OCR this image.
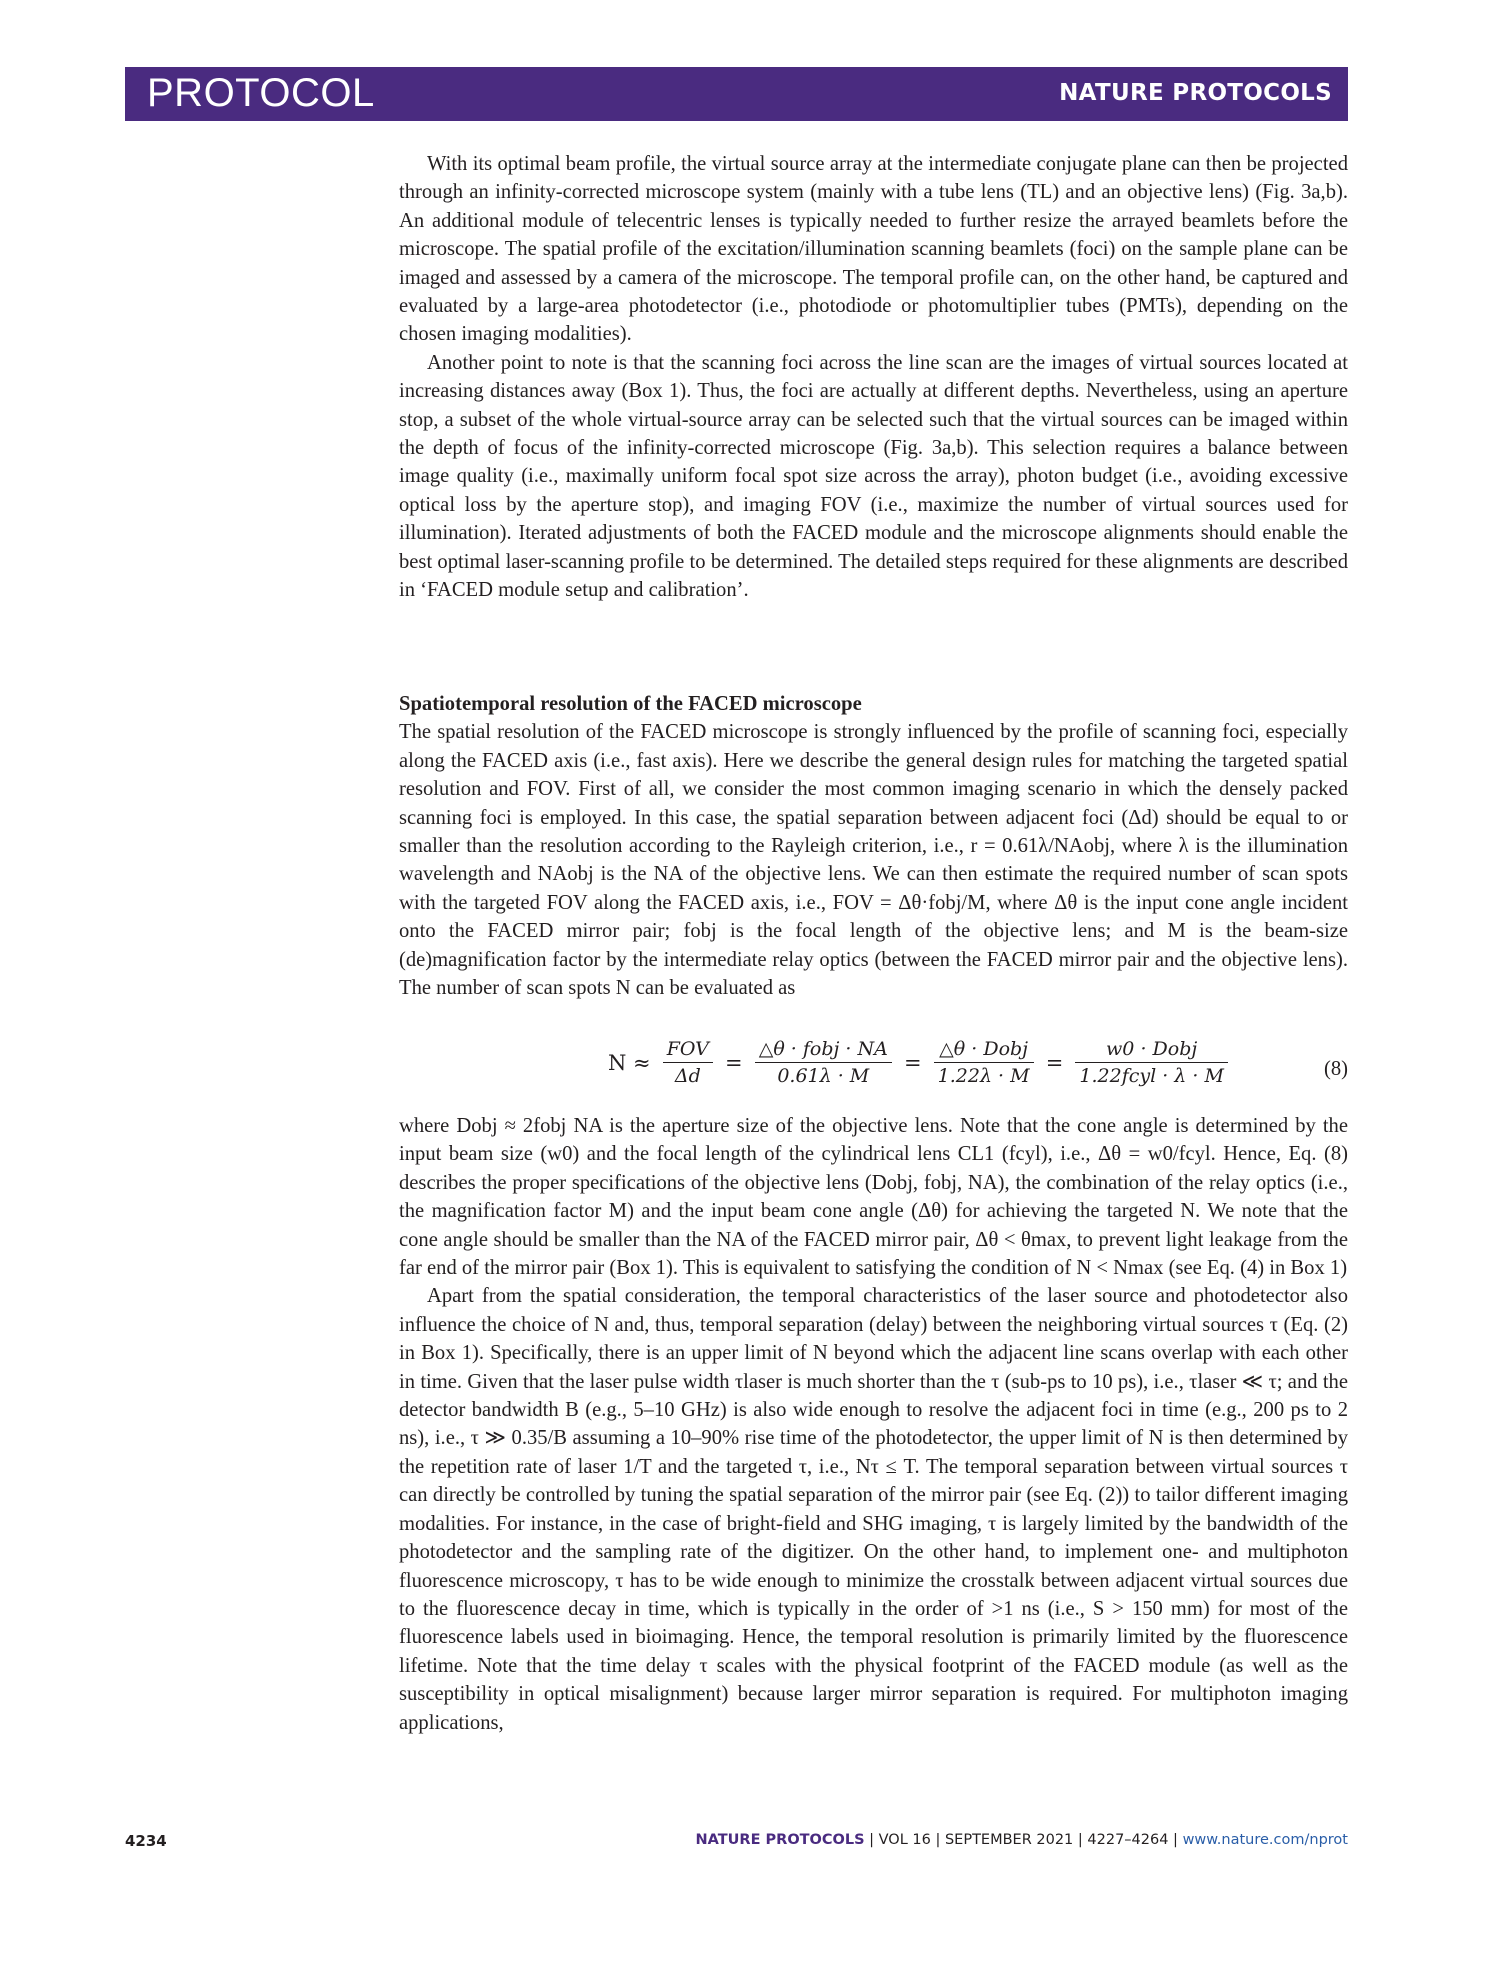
PROTOCOL	NATURE PROTOCOLS

With its optimal beam profile, the virtual source array at the intermediate conjugate plane can then be projected through an infinity-corrected microscope system (mainly with a tube lens (TL) and an objective lens) (Fig. 3a,b). An additional module of telecentric lenses is typically needed to further resize the arrayed beamlets before the microscope. The spatial profile of the excitation/illumination scanning beamlets (foci) on the sample plane can be imaged and assessed by a camera of the microscope. The temporal profile can, on the other hand, be captured and evaluated by a large-area photodetector (i.e., photodiode or photomultiplier tubes (PMTs), depending on the chosen imaging modalities).

Another point to note is that the scanning foci across the line scan are the images of virtual sources located at increasing distances away (Box 1). Thus, the foci are actually at different depths. Nevertheless, using an aperture stop, a subset of the whole virtual-source array can be selected such that the virtual sources can be imaged within the depth of focus of the infinity-corrected microscope (Fig. 3a,b). This selection requires a balance between image quality (i.e., maximally uniform focal spot size across the array), photon budget (i.e., avoiding excessive optical loss by the aperture stop), and imaging FOV (i.e., maximize the number of virtual sources used for illumination). Iterated adjustments of both the FACED module and the microscope alignments should enable the best optimal laser-scanning profile to be determined. The detailed steps required for these alignments are described in ‘FACED module setup and calibration’.

Spatiotemporal resolution of the FACED microscope

The spatial resolution of the FACED microscope is strongly influenced by the profile of scanning foci, especially along the FACED axis (i.e., fast axis). Here we describe the general design rules for matching the targeted spatial resolution and FOV. First of all, we consider the most common imaging scenario in which the densely packed scanning foci is employed. In this case, the spatial separation between adjacent foci (Δd) should be equal to or smaller than the resolution according to the Rayleigh criterion, i.e., r = 0.61λ/NAobj, where λ is the illumination wavelength and NAobj is the NA of the objective lens. We can then estimate the required number of scan spots with the targeted FOV along the FACED axis, i.e., FOV = Δθ·fobj/M, where Δθ is the input cone angle incident onto the FACED mirror pair; fobj is the focal length of the objective lens; and M is the beam-size (de)magnification factor by the intermediate relay optics (between the FACED mirror pair and the objective lens). The number of scan spots N can be evaluated as

$N \approx \frac{\text{FOV}}{\Delta d} = \frac{\text{△θ · fobj · NA}}{0.61\lambda \cdot M} = \frac{\text{△θ · Dobj}}{1.22\lambda \cdot M} = \frac{\text{w0 · Dobj}}{\text{1.22fcyl · λ · M}}$	(8)

where Dobj ≈ 2fobj NA is the aperture size of the objective lens. Note that the cone angle is determined by the input beam size (w0) and the focal length of the cylindrical lens CL1 (fcyl), i.e., Δθ = w0/fcyl. Hence, Eq. (8) describes the proper specifications of the objective lens (Dobj, fobj, NA), the combination of the relay optics (i.e., the magnification factor M) and the input beam cone angle (Δθ) for achieving the targeted N. We note that the cone angle should be smaller than the NA of the FACED mirror pair, Δθ < θmax, to prevent light leakage from the far end of the mirror pair (Box 1). This is equivalent to satisfying the condition of N < Nmax (see Eq. (4) in Box 1)

Apart from the spatial consideration, the temporal characteristics of the laser source and photodetector also influence the choice of N and, thus, temporal separation (delay) between the neighboring virtual sources τ (Eq. (2) in Box 1). Specifically, there is an upper limit of N beyond which the adjacent line scans overlap with each other in time. Given that the laser pulse width τlaser is much shorter than the τ (sub-ps to 10 ps), i.e., τlaser ≪ τ; and the detector bandwidth B (e.g., 5–10 GHz) is also wide enough to resolve the adjacent foci in time (e.g., 200 ps to 2 ns), i.e., τ ≫ 0.35/B assuming a 10–90% rise time of the photodetector, the upper limit of N is then determined by the repetition rate of laser 1/T and the targeted τ, i.e., Nτ ≤ T. The temporal separation between virtual sources τ can directly be controlled by tuning the spatial separation of the mirror pair (see Eq. (2)) to tailor different imaging modalities. For instance, in the case of bright-field and SHG imaging, τ is largely limited by the bandwidth of the photodetector and the sampling rate of the digitizer. On the other hand, to implement one- and multiphoton fluorescence microscopy, τ has to be wide enough to minimize the crosstalk between adjacent virtual sources due to the fluorescence decay in time, which is typically in the order of >1 ns (i.e., S > 150 mm) for most of the fluorescence labels used in bioimaging. Hence, the temporal resolution is primarily limited by the fluorescence lifetime. Note that the time delay τ scales with the physical footprint of the FACED module (as well as the susceptibility in optical misalignment) because larger mirror separation is required. For multiphoton imaging applications,

4234	NATURE PROTOCOLS | VOL 16 | SEPTEMBER 2021 | 4227–4264 | www.nature.com/nprot
